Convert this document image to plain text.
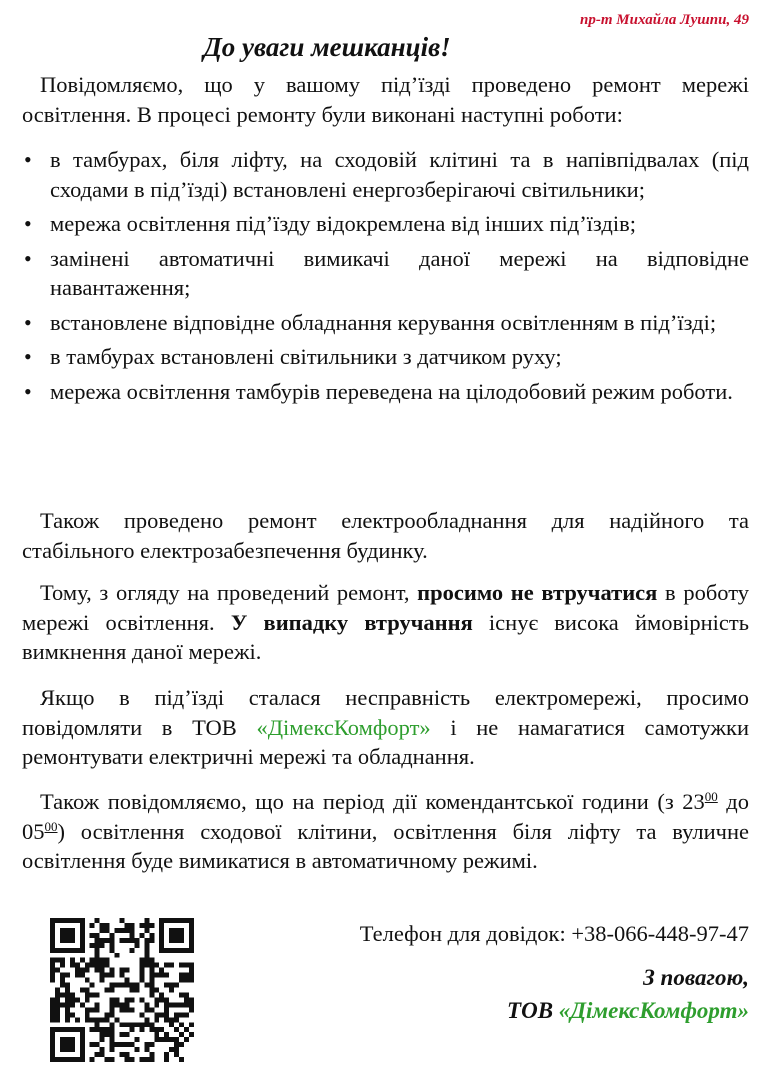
пр-т Михайла Лушпи, 49
До уваги мешканців!

Повідомляємо, що у вашому під’їзді проведено ремонт мережі освітлення. В процесі ремонту були виконані наступні роботи:

• в тамбурах, біля ліфту, на сходовій клітині та в напівпідвалах (під сходами в під’їзді) встановлені енергозберігаючі світильники;
• мережа освітлення під’їзду відокремлена від інших під’їздів;
• замінені автоматичні вимикачі даної мережі на відповідне навантаження;
• встановлене відповідне обладнання керування освітленням в під’їзді;
• в тамбурах встановлені світильники з датчиком руху;
• мережа освітлення тамбурів переведена на цілодобовий режим роботи.

Також проведено ремонт електрообладнання для надійного та стабільного електрозабезпечення будинку.

Тому, з огляду на проведений ремонт, просимо не втручатися в роботу мережі освітлення. У випадку втручання існує висока ймовірність вимкнення даної мережі.

Якщо в під’їзді сталася несправність електромережі, просимо повідомляти в ТОВ «ДімексКомфорт» і не намагатися самотужки ремонтувати електричні мережі та обладнання.

Також повідомляємо, що на період дії комендантської години (з $23^{00}$ до $05^{00}$) освітлення сходової клітини, освітлення біля ліфту та вуличне освітлення буде вимикатися в автоматичному режимі.

Телефон для довідок: +38-066-448-97-47
З повагою,
ТОВ «ДімексКомфорт»
